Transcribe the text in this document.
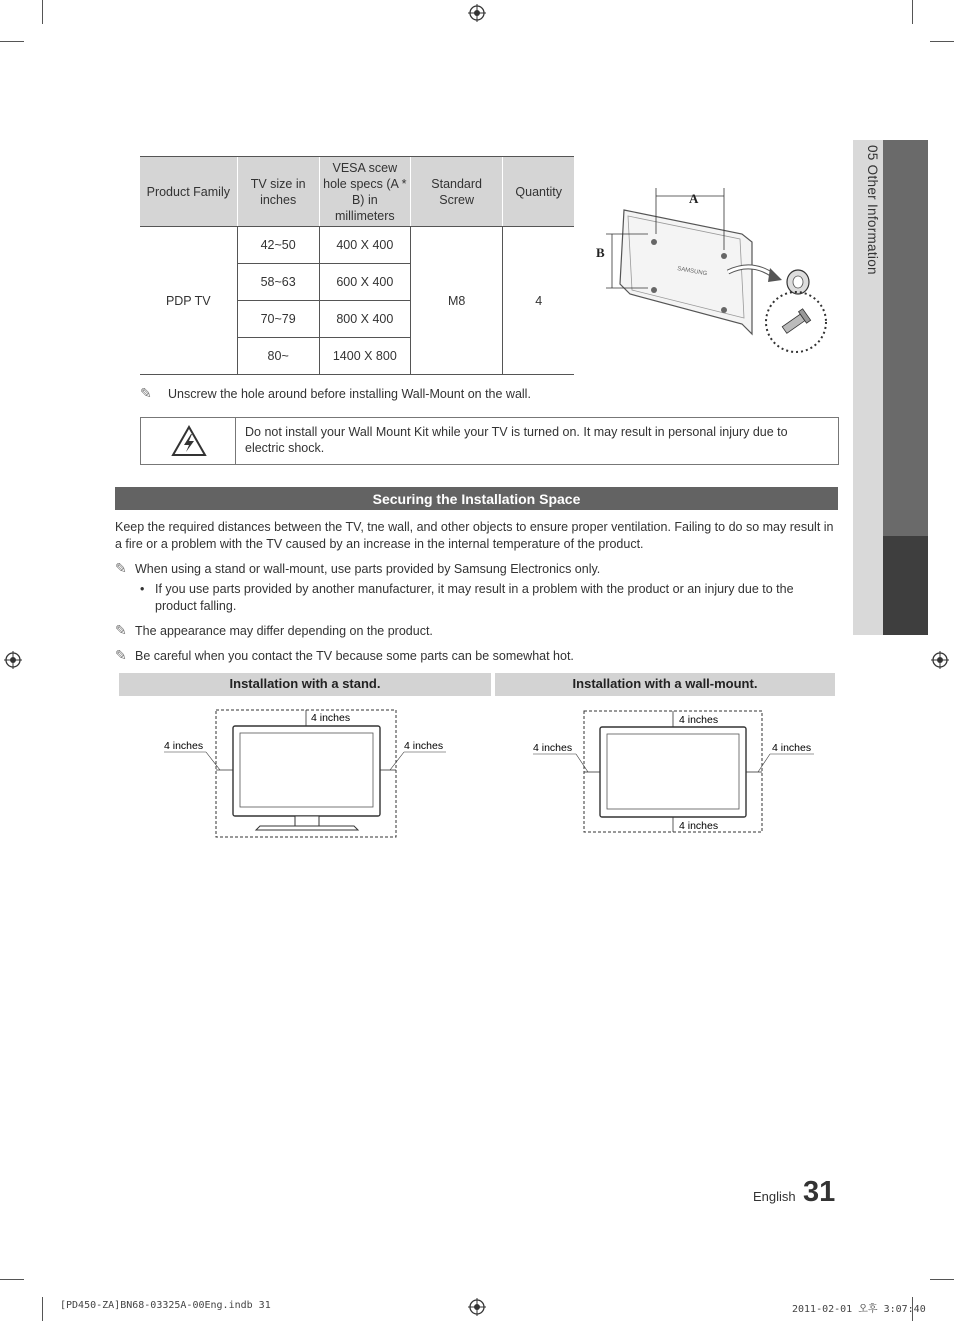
05 Other Information
Product Family	TV size in inches	VESA scew hole specs (A * B) in millimeters	Standard Screw	Quantity
PDP TV	42~50	400 X 400	M8	4
	58~63	600 X 400		
	70~79	800 X 400		
	80~	1400 X 800		
SAMSUNG
A
B
✎ Unscrew the hole around before installing Wall-Mount on the wall.
Do not install your Wall Mount Kit while your TV is turned on. It may result in personal injury due to electric shock.
Securing the Installation Space
Keep the required distances between the TV, tne wall, and other objects to ensure proper ventilation. Failing to do so may result in a fire or a problem with the TV caused by an increase in the internal temperature of the product.
✎ When using a stand or wall-mount, use parts provided by Samsung Electronics only.
• If you use parts provided by another manufacturer, it may result in a problem with the product or an injury due to the product falling.
✎ The appearance may differ depending on the product.
✎ Be careful when you contact the TV because some parts can be somewhat hot.
Installation with a stand.	Installation with a wall-mount.
4 inches
4 inches	4 inches
4 inches
4 inches
4 inches	4 inches
English 31
[PD450-ZA]BN68-03325A-00Eng.indb 31	2011-02-01 오후 3:07:40
